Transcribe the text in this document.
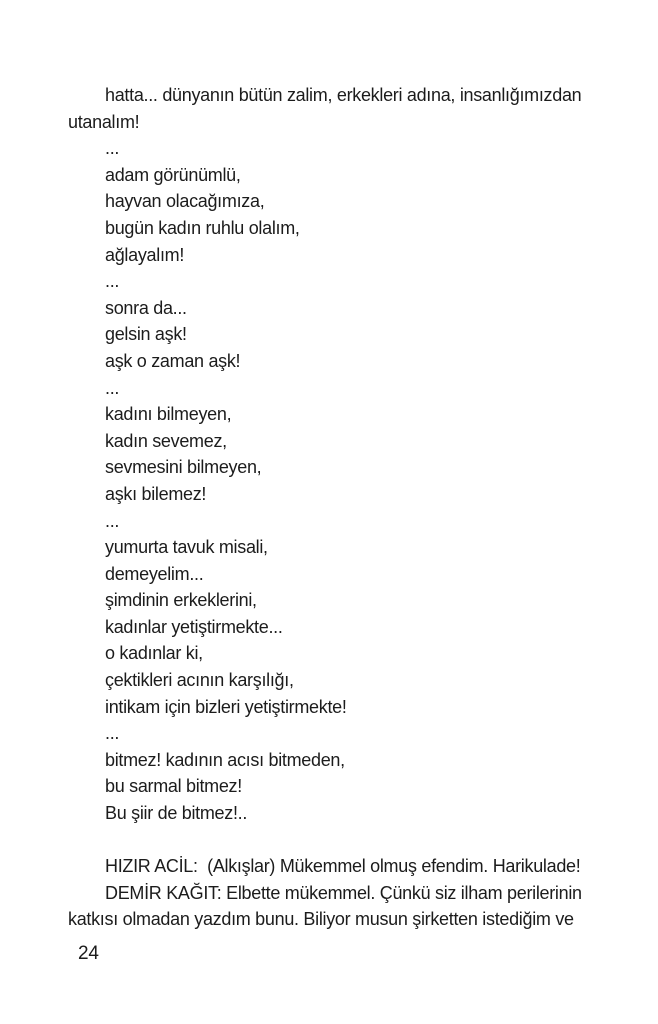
hatta... dünyanın bütün zalim, erkekleri adına, insanlığımızdan
utanalım!
...
adam görünümlü,
hayvan olacağımıza,
bugün kadın ruhlu olalım,
ağlayalım!
...
sonra da...
gelsin aşk!
aşk o zaman aşk!
...
kadını bilmeyen,
kadın sevemez,
sevmesini bilmeyen,
aşkı bilemez!
...
yumurta tavuk misali,
demeyelim...
şimdinin erkeklerini,
kadınlar yetiştirmekte...
o kadınlar ki,
çektikleri acının karşılığı,
intikam için bizleri yetiştirmekte!
...
bitmez! kadının acısı bitmeden,
bu sarmal bitmez!
Bu şiir de bitmez!..
HIZIR ACİL:  (Alkışlar) Mükemmel olmuş efendim. Harikulade!
DEMİR KAĞIT: Elbette mükemmel. Çünkü siz ilham perilerinin
katkısı olmadan yazdım bunu. Biliyor musun şirketten istediğim ve
24
